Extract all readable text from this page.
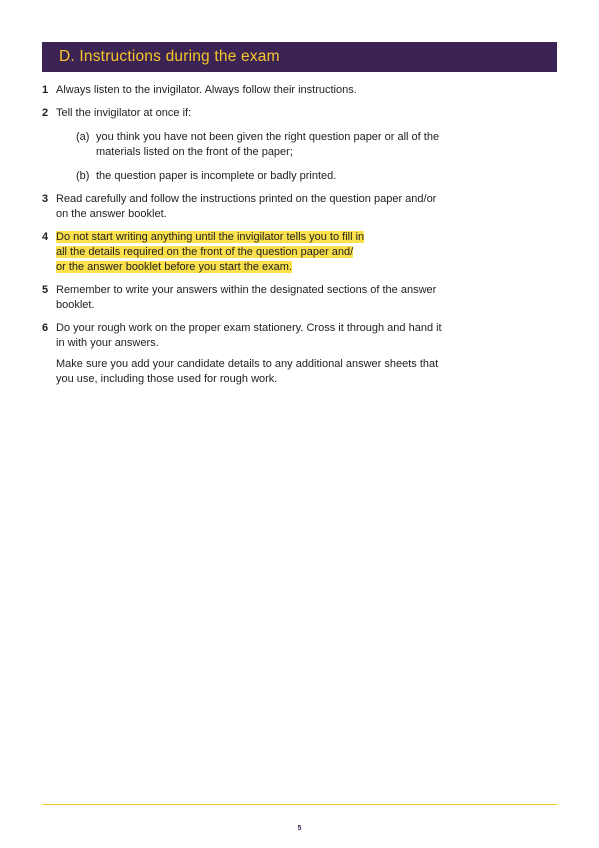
D. Instructions during the exam
1 Always listen to the invigilator. Always follow their instructions.
2 Tell the invigilator at once if:
(a) you think you have not been given the right question paper or all of the materials listed on the front of the paper;
(b) the question paper is incomplete or badly printed.
3 Read carefully and follow the instructions printed on the question paper and/or on the answer booklet.
4 Do not start writing anything until the invigilator tells you to fill in
all the details required on the front of the question paper and/
or the answer booklet before you start the exam.
5 Remember to write your answers within the designated sections of the answer booklet.
6 Do your rough work on the proper exam stationery. Cross it through and hand it in with your answers.
Make sure you add your candidate details to any additional answer sheets that you use, including those used for rough work.
5
